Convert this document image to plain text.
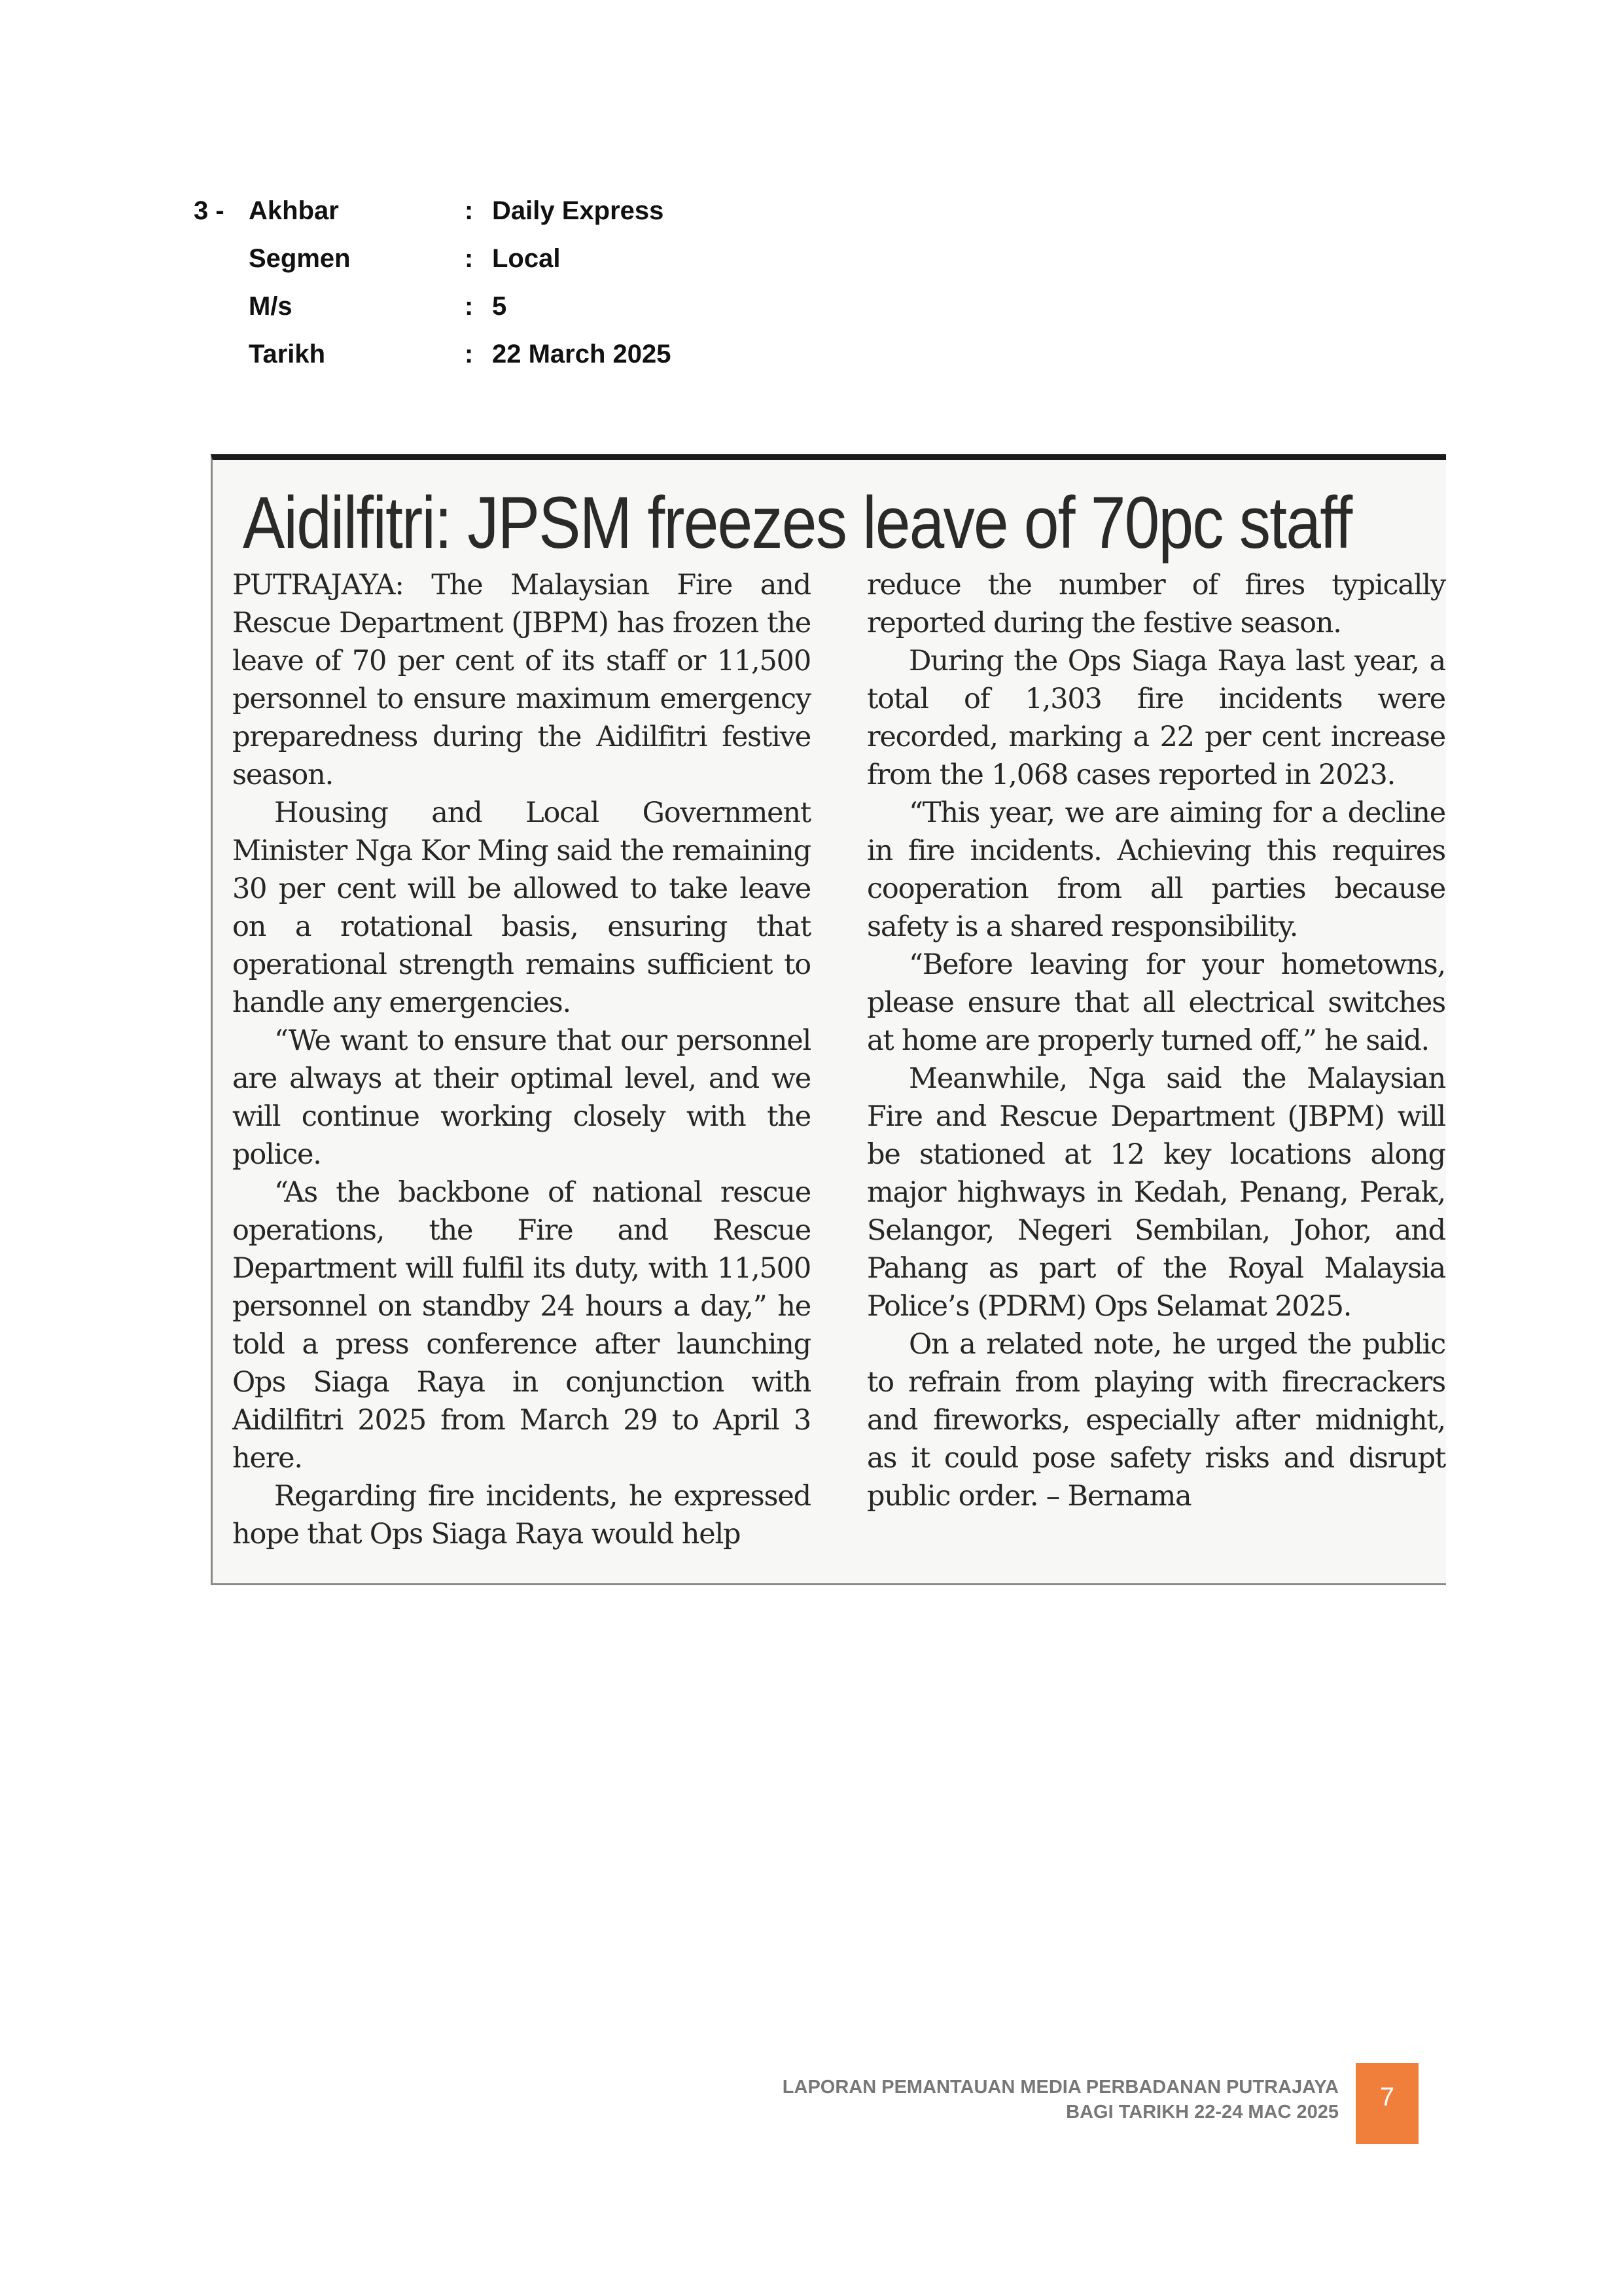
3 - Akhbar	: Daily Express
Segmen	: Local
M/s	: 5
Tarikh	: 22 March 2025
Aidilfitri: JPSM freezes leave of 70pc staff

PUTRAJAYA: The Malaysian Fire and Rescue Department (JBPM) has frozen the leave of 70 per cent of its staff or 11,500 personnel to ensure maximum emergency preparedness during the Aidilfitri festive season.

Housing and Local Government Minister Nga Kor Ming said the remaining 30 per cent will be allowed to take leave on a rotational basis, ensuring that operational strength remains sufficient to handle any emergencies.

“We want to ensure that our personnel are always at their optimal level, and we will continue working closely with the police.

“As the backbone of national rescue operations, the Fire and Rescue Department will fulfil its duty, with 11,500 personnel on standby 24 hours a day,” he told a press conference after launching Ops Siaga Raya in conjunction with Aidilfitri 2025 from March 29 to April 3 here.

Regarding fire incidents, he expressed hope that Ops Siaga Raya would help

reduce the number of fires typically reported during the festive season.

During the Ops Siaga Raya last year, a total of 1,303 fire incidents were recorded, marking a 22 per cent increase from the 1,068 cases reported in 2023.

“This year, we are aiming for a decline in fire incidents. Achieving this requires cooperation from all parties because safety is a shared responsibility.

“Before leaving for your hometowns, please ensure that all electrical switches at home are properly turned off,” he said.

Meanwhile, Nga said the Malaysian Fire and Rescue Department (JBPM) will be stationed at 12 key locations along major highways in Kedah, Penang, Perak, Selangor, Negeri Sembilan, Johor, and Pahang as part of the Royal Malaysia Police’s (PDRM) Ops Selamat 2025.

On a related note, he urged the public to refrain from playing with firecrackers and fireworks, especially after midnight, as it could pose safety risks and disrupt public order. – Bernama

LAPORAN PEMANTAUAN MEDIA PERBADANAN PUTRAJAYA
BAGI TARIKH 22-24 MAC 2025
7
